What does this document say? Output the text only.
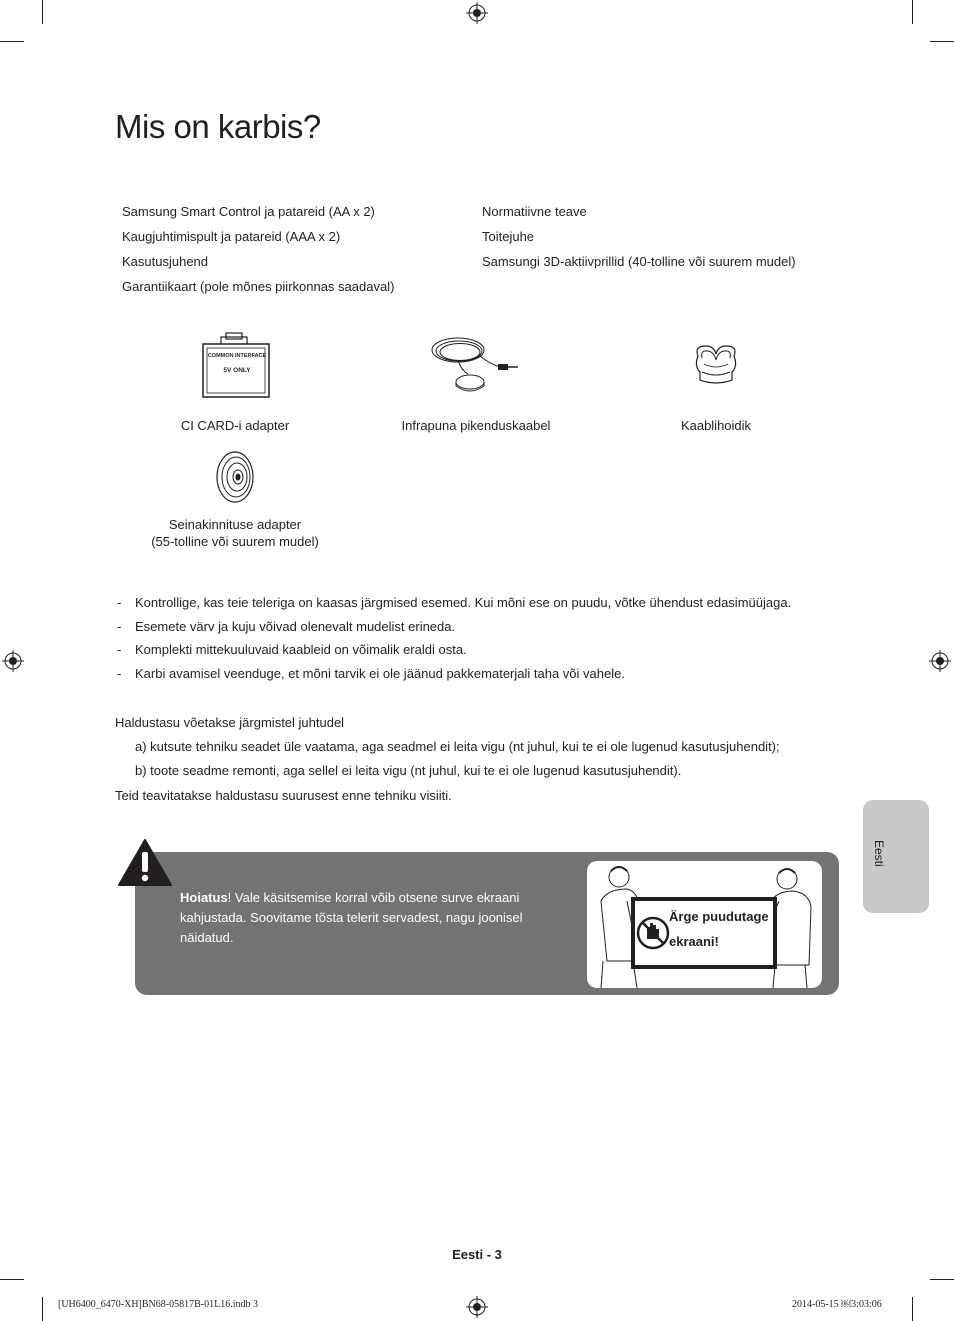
Mis on karbis?
Samsung Smart Control ja patareid (AA x 2)
Kaugjuhtimispult ja patareid (AAA x 2)
Kasutusjuhend
Garantiikaart (pole mõnes piirkonnas saadaval)
Normatiivne teave
Toitejuhe
Samsungi 3D-aktiivprillid (40-tolline või suurem mudel)
COMMON INTERFACE
5V ONLY
CI CARD-i adapter	Infrapuna pikenduskaabel	Kaablihoidik
Seinakinnituse adapter
(55-tolline või suurem mudel)
- Kontrollige, kas teie teleriga on kaasas järgmised esemed. Kui mõni ese on puudu, võtke ühendust edasimüüjaga.
- Esemete värv ja kuju võivad olenevalt mudelist erineda.
- Komplekti mittekuuluvaid kaableid on võimalik eraldi osta.
- Karbi avamisel veenduge, et mõni tarvik ei ole jäänud pakkematerjali taha või vahele.
Haldustasu võetakse järgmistel juhtudel
a) kutsute tehniku seadet üle vaatama, aga seadmel ei leita vigu (nt juhul, kui te ei ole lugenud kasutusjuhendit);
b) toote seadme remonti, aga sellel ei leita vigu (nt juhul, kui te ei ole lugenud kasutusjuhendit).
Teid teavitatakse haldustasu suurusest enne tehniku visiiti.
Eesti
Hoiatus! Vale käsitsemise korral võib otsene surve ekraani kahjustada. Soovitame tõsta telerit servadest, nagu joonisel näidatud.
Ärge puudutage
ekraani!
Eesti - 3
[UH6400_6470-XH]BN68-05817B-01L16.indb 3	2014-05-15 ￼3:03:06
